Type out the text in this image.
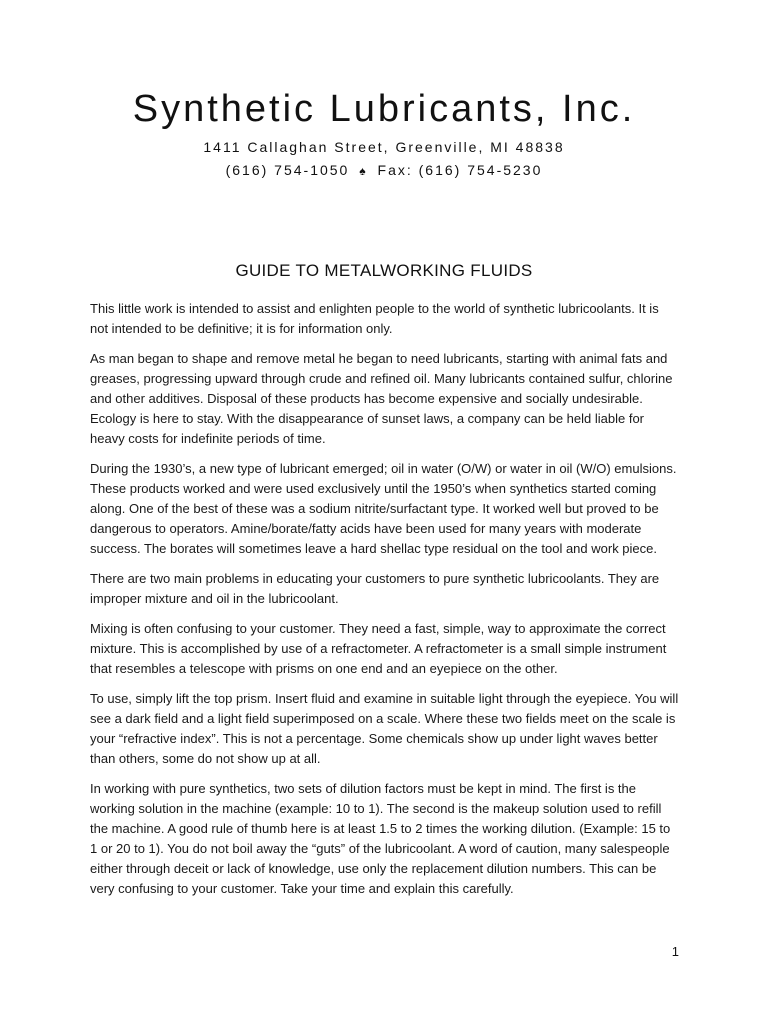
Synthetic Lubricants, Inc.

1411 Callaghan Street, Greenville, MI 48838

(616) 754-1050 ♠ Fax: (616) 754-5230

GUIDE TO METALWORKING FLUIDS

This little work is intended to assist and enlighten people to the world of synthetic lubricoolants. It is not intended to be definitive; it is for information only.

As man began to shape and remove metal he began to need lubricants, starting with animal fats and greases, progressing upward through crude and refined oil. Many lubricants contained sulfur, chlorine and other additives. Disposal of these products has become expensive and socially undesirable. Ecology is here to stay. With the disappearance of sunset laws, a company can be held liable for heavy costs for indefinite periods of time.

During the 1930’s, a new type of lubricant emerged; oil in water (O/W) or water in oil (W/O) emulsions. These products worked and were used exclusively until the 1950’s when synthetics started coming along. One of the best of these was a sodium nitrite/surfactant type. It worked well but proved to be dangerous to operators. Amine/borate/fatty acids have been used for many years with moderate success. The borates will sometimes leave a hard shellac type residual on the tool and work piece.

There are two main problems in educating your customers to pure synthetic lubricoolants. They are improper mixture and oil in the lubricoolant.

Mixing is often confusing to your customer. They need a fast, simple, way to approximate the correct mixture. This is accomplished by use of a refractometer. A refractometer is a small simple instrument that resembles a telescope with prisms on one end and an eyepiece on the other.

To use, simply lift the top prism. Insert fluid and examine in suitable light through the eyepiece. You will see a dark field and a light field superimposed on a scale. Where these two fields meet on the scale is your “refractive index”. This is not a percentage. Some chemicals show up under light waves better than others, some do not show up at all.

In working with pure synthetics, two sets of dilution factors must be kept in mind. The first is the working solution in the machine (example: 10 to 1). The second is the makeup solution used to refill the machine. A good rule of thumb here is at least 1.5 to 2 times the working dilution. (Example: 15 to 1 or 20 to 1). You do not boil away the “guts” of the lubricoolant. A word of caution, many salespeople either through deceit or lack of knowledge, use only the replacement dilution numbers. This can be very confusing to your customer. Take your time and explain this carefully.

1
